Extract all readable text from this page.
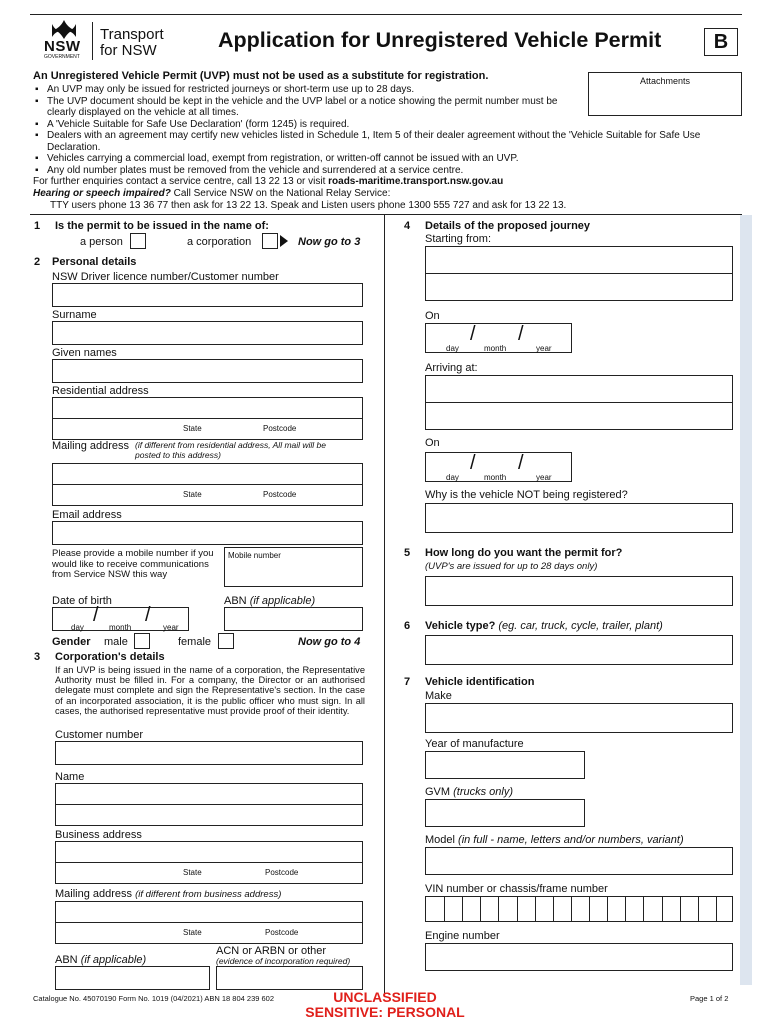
NSW
GOVERNMENT
Transport
for NSW	Application for Unregistered Vehicle Permit	B
An Unregistered Vehicle Permit (UVP) must not be used as a substitute for registration.	Attachments
▪ An UVP may only be issued for restricted journeys or short-term use up to 28 days.
▪ The UVP document should be kept in the vehicle and the UVP label or a notice showing the permit number must be clearly displayed on the vehicle at all times.
▪ A 'Vehicle Suitable for Safe Use Declaration' (form 1245) is required.
▪ Dealers with an agreement may certify new vehicles listed in Schedule 1, Item 5 of their dealer agreement without the 'Vehicle Suitable for Safe Use Declaration.
▪ Vehicles carrying a commercial load, exempt from registration, or written-off cannot be issued with an UVP.
▪ Any old number plates must be removed from the vehicle and surrendered at a service centre.
For further enquiries contact a service centre, call 13 22 13 or visit roads-maritime.transport.nsw.gov.au
Hearing or speech impaired? Call Service NSW on the National Relay Service:
TTY users phone 13 36 77 then ask for 13 22 13. Speak and Listen users phone 1300 555 727 and ask for 13 22 13.
1 Is the permit to be issued in the name of:
a person	a corporation	Now go to 3
2 Personal details
NSW Driver licence number/Customer number
Surname
Given names
Residential address
State	Postcode
Mailing address (if different from residential address, All mail will be posted to this address)
State	Postcode
Email address
Please provide a mobile number if you would like to receive communications from Service NSW this way
Mobile number
Date of birth
/ /
day	month	year
ABN (if applicable)
Gender male	female	Now go to 4
3 Corporation's details
If an UVP is being issued in the name of a corporation, the Representative Authority must be filled in. For a company, the Director or an authorised delegate must complete and sign the Representative's section. In the case of an incorporated association, it is the public officer who must sign. In all cases, the authorised representative must provide proof of their identity.
Customer number
Name
Business address
State	Postcode
Mailing address (if different from business address)
State	Postcode
ABN (if applicable)
ACN or ARBN or other
(evidence of incorporation required)
4 Details of the proposed journey
Starting from:
On
/ /
day	month	year
Arriving at:
On
/ /
day	month	year
Why is the vehicle NOT being registered?
5 How long do you want the permit for?
(UVP's are issued for up to 28 days only)
6 Vehicle type? (eg. car, truck, cycle, trailer, plant)
7 Vehicle identification
Make
Year of manufacture
GVM (trucks only)
Model (in full - name, letters and/or numbers, variant)
VIN number or chassis/frame number
Engine number
Catalogue No. 45070190 Form No. 1019 (04/2021) ABN 18 804 239 602	UNCLASSIFIED
SENSITIVE: PERSONAL
Page 1 of 2
